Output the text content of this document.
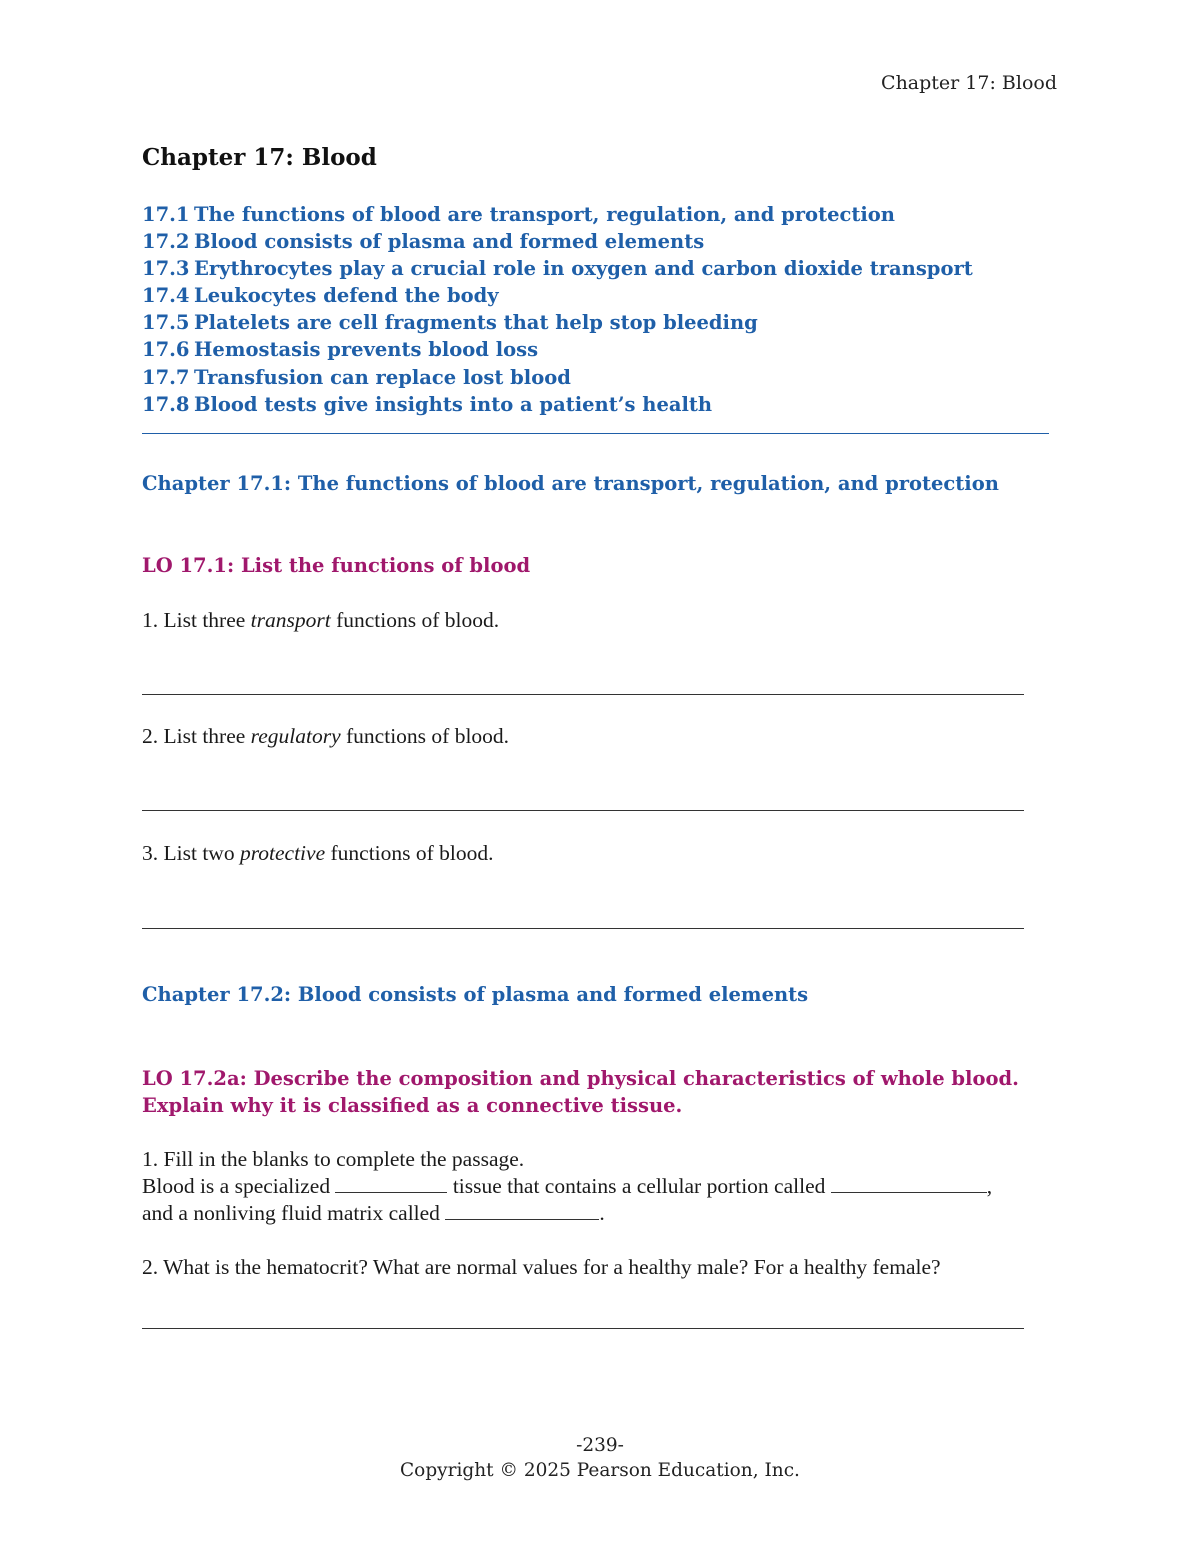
Chapter 17: Blood
Chapter 17: Blood
17.1 The functions of blood are transport, regulation, and protection
17.2 Blood consists of plasma and formed elements
17.3 Erythrocytes play a crucial role in oxygen and carbon dioxide transport
17.4 Leukocytes defend the body
17.5 Platelets are cell fragments that help stop bleeding
17.6 Hemostasis prevents blood loss
17.7 Transfusion can replace lost blood
17.8 Blood tests give insights into a patient’s health
Chapter 17.1: The functions of blood are transport, regulation, and protection
LO 17.1: List the functions of blood
1. List three transport functions of blood.
2. List three regulatory functions of blood.
3. List two protective functions of blood.
Chapter 17.2: Blood consists of plasma and formed elements
LO 17.2a: Describe the composition and physical characteristics of whole blood. Explain why it is classified as a connective tissue.
1. Fill in the blanks to complete the passage.
Blood is a specialized	tissue that contains a cellular portion called	,
and a nonliving fluid matrix called	.
2. What is the hematocrit? What are normal values for a healthy male? For a healthy female?
-239-
Copyright © 2025 Pearson Education, Inc.
